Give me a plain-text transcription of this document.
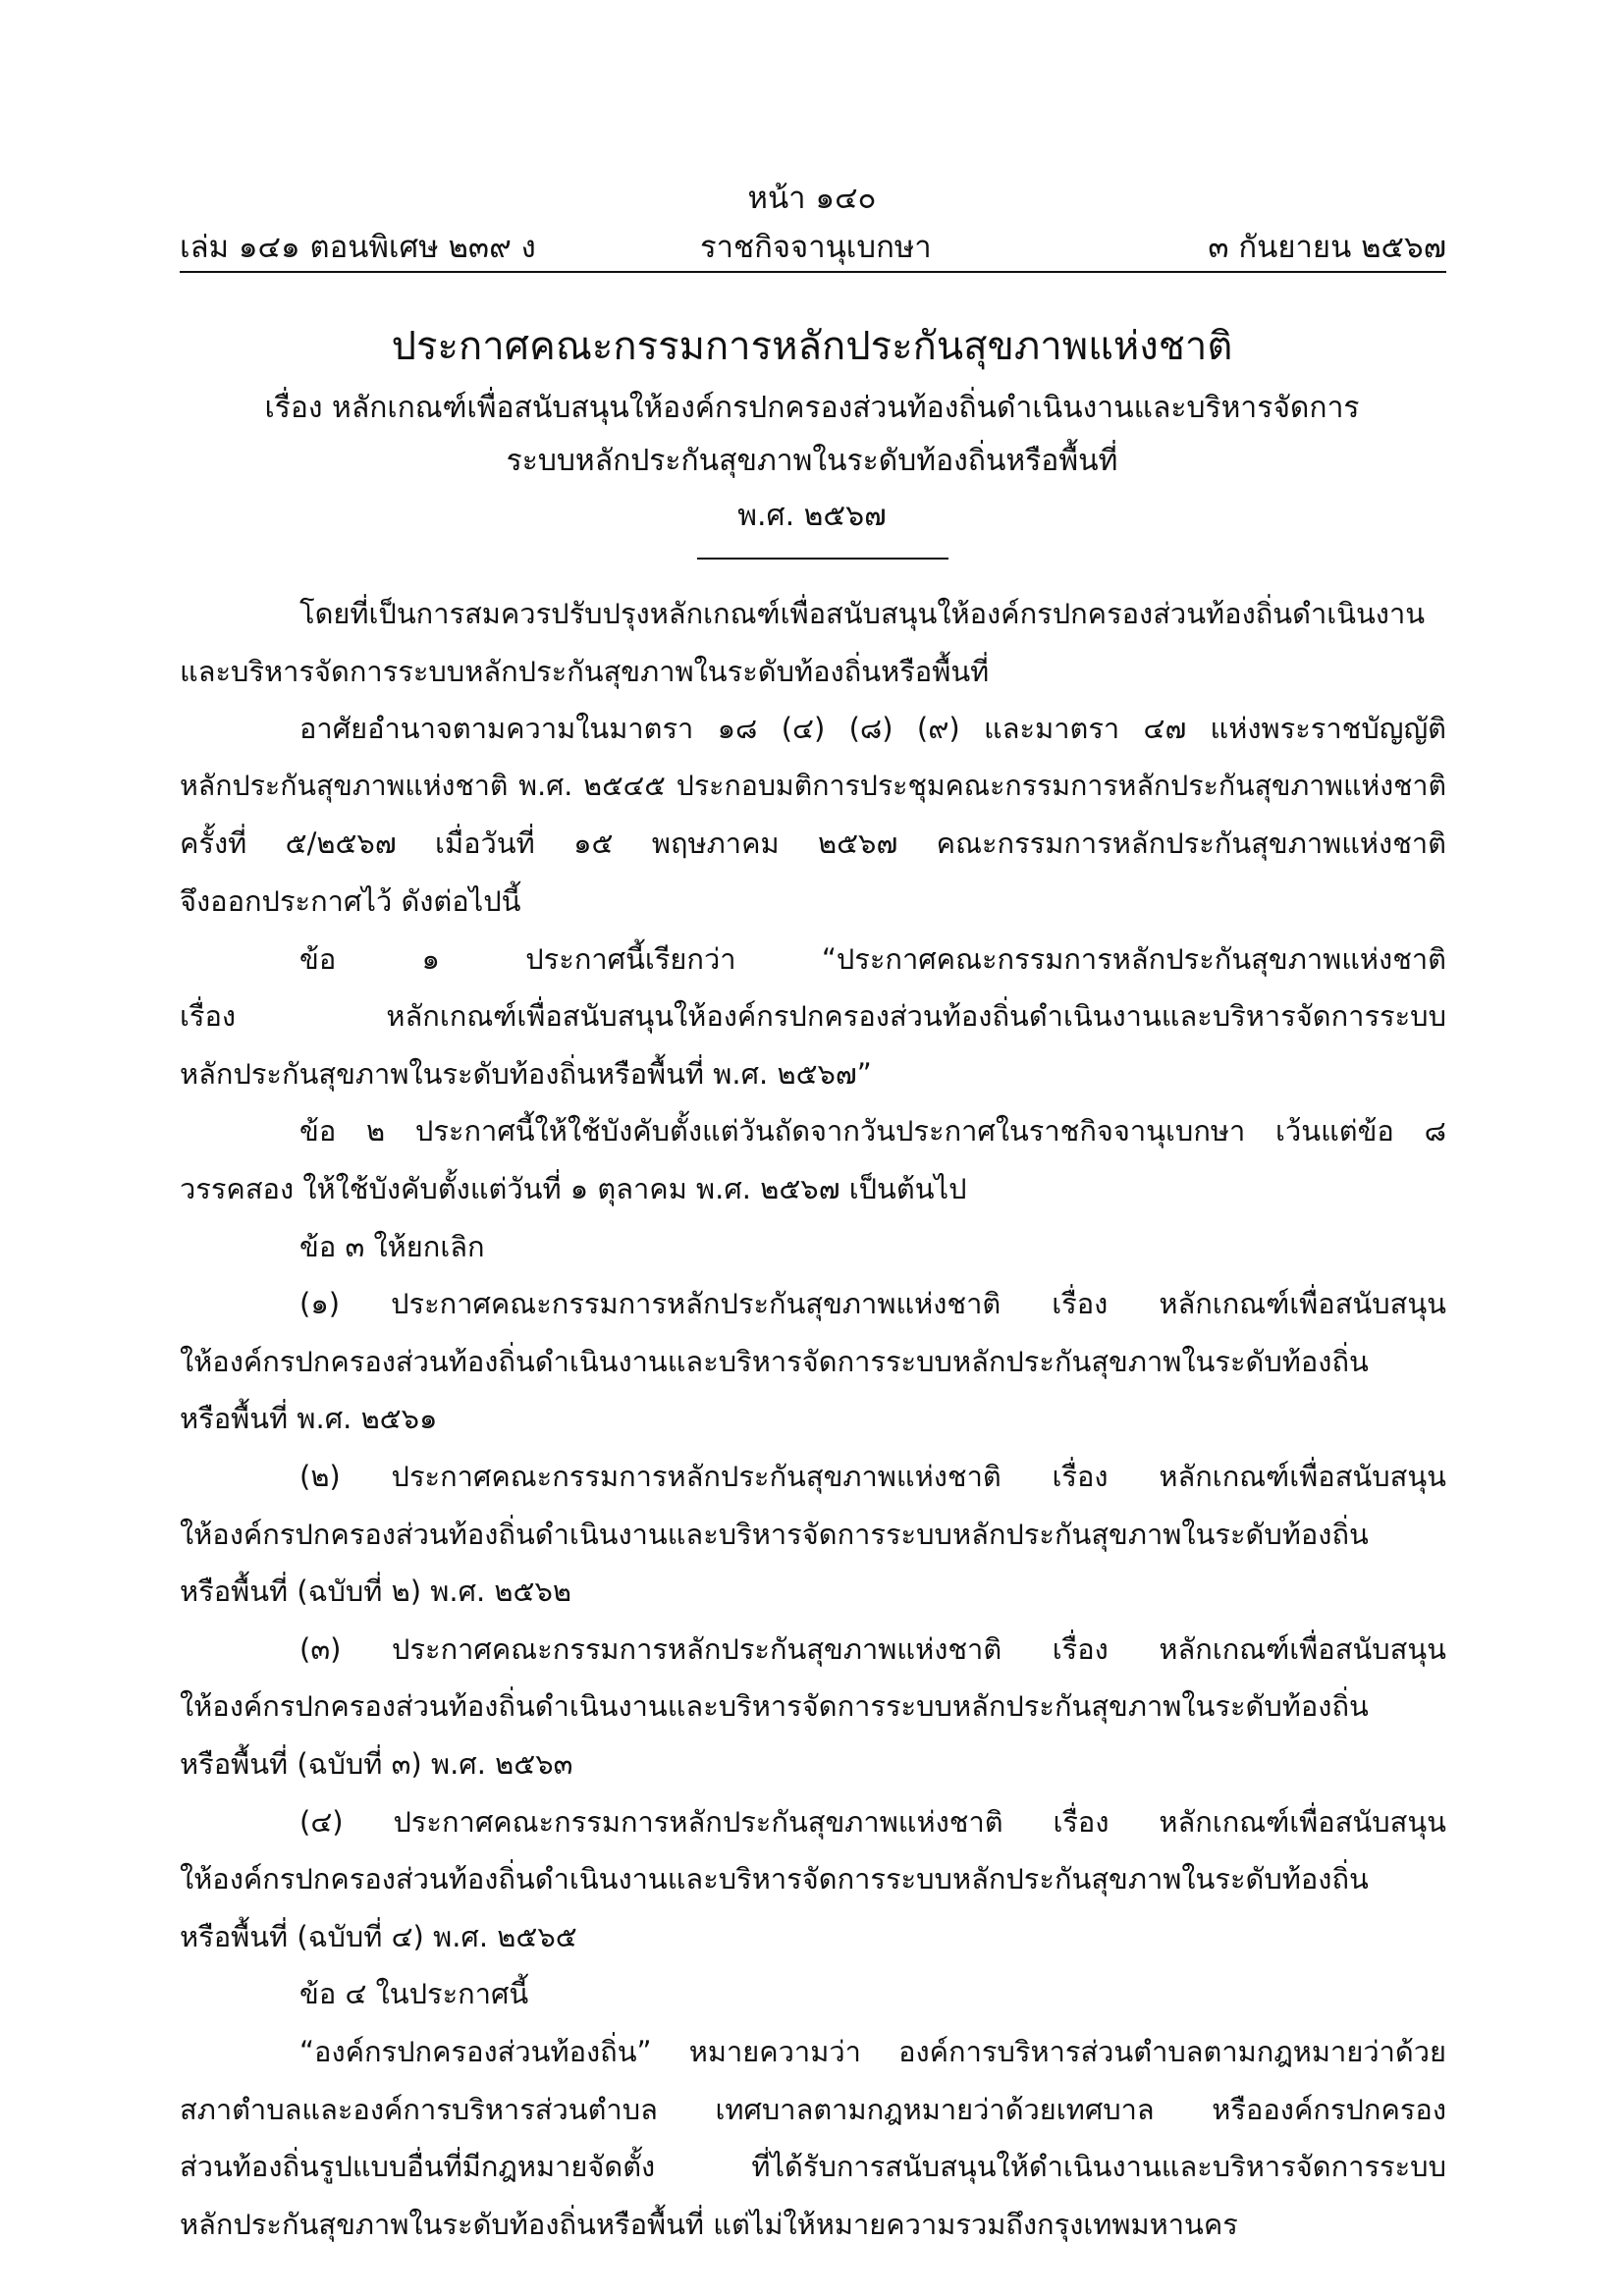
หน้า ๑๔๐
เล่ม ๑๔๑ ตอนพิเศษ ๒๓๙ ง	ราชกิจจานุเบกษา	๓ กันยายน ๒๕๖๗
ประกาศคณะกรรมการหลักประกันสุขภาพแห่งชาติ
เรื่อง หลักเกณฑ์เพื่อสนับสนุนให้องค์กรปกครองส่วนท้องถิ่นดำเนินงานและบริหารจัดการ
ระบบหลักประกันสุขภาพในระดับท้องถิ่นหรือพื้นที่
พ.ศ. ๒๕๖๗
โดยที่เป็นการสมควรปรับปรุงหลักเกณฑ์เพื่อสนับสนุนให้องค์กรปกครองส่วนท้องถิ่นดำเนินงาน
และบริหารจัดการระบบหลักประกันสุขภาพในระดับท้องถิ่นหรือพื้นที่
อาศัยอำนาจตามความในมาตรา ๑๘ (๔) (๘) (๙) และมาตรา ๔๗ แห่งพระราชบัญญัติ
หลักประกันสุขภาพแห่งชาติ พ.ศ. ๒๕๔๕ ประกอบมติการประชุมคณะกรรมการหลักประกันสุขภาพแห่งชาติ
ครั้งที่ ๕/๒๕๖๗ เมื่อวันที่ ๑๕ พฤษภาคม ๒๕๖๗ คณะกรรมการหลักประกันสุขภาพแห่งชาติ
จึงออกประกาศไว้ ดังต่อไปนี้
ข้อ ๑ ประกาศนี้เรียกว่า “ประกาศคณะกรรมการหลักประกันสุขภาพแห่งชาติ
เรื่อง หลักเกณฑ์เพื่อสนับสนุนให้องค์กรปกครองส่วนท้องถิ่นดำเนินงานและบริหารจัดการระบบ
หลักประกันสุขภาพในระดับท้องถิ่นหรือพื้นที่ พ.ศ. ๒๕๖๗”
ข้อ ๒ ประกาศนี้ให้ใช้บังคับตั้งแต่วันถัดจากวันประกาศในราชกิจจานุเบกษา เว้นแต่ข้อ ๘
วรรคสอง ให้ใช้บังคับตั้งแต่วันที่ ๑ ตุลาคม พ.ศ. ๒๕๖๗ เป็นต้นไป
ข้อ ๓ ให้ยกเลิก
(๑) ประกาศคณะกรรมการหลักประกันสุขภาพแห่งชาติ เรื่อง หลักเกณฑ์เพื่อสนับสนุน
ให้องค์กรปกครองส่วนท้องถิ่นดำเนินงานและบริหารจัดการระบบหลักประกันสุขภาพในระดับท้องถิ่น
หรือพื้นที่ พ.ศ. ๒๕๖๑
(๒) ประกาศคณะกรรมการหลักประกันสุขภาพแห่งชาติ เรื่อง หลักเกณฑ์เพื่อสนับสนุน
ให้องค์กรปกครองส่วนท้องถิ่นดำเนินงานและบริหารจัดการระบบหลักประกันสุขภาพในระดับท้องถิ่น
หรือพื้นที่ (ฉบับที่ ๒) พ.ศ. ๒๕๖๒
(๓) ประกาศคณะกรรมการหลักประกันสุขภาพแห่งชาติ เรื่อง หลักเกณฑ์เพื่อสนับสนุน
ให้องค์กรปกครองส่วนท้องถิ่นดำเนินงานและบริหารจัดการระบบหลักประกันสุขภาพในระดับท้องถิ่น
หรือพื้นที่ (ฉบับที่ ๓) พ.ศ. ๒๕๖๓
(๔) ประกาศคณะกรรมการหลักประกันสุขภาพแห่งชาติ เรื่อง หลักเกณฑ์เพื่อสนับสนุน
ให้องค์กรปกครองส่วนท้องถิ่นดำเนินงานและบริหารจัดการระบบหลักประกันสุขภาพในระดับท้องถิ่น
หรือพื้นที่ (ฉบับที่ ๔) พ.ศ. ๒๕๖๕
ข้อ ๔ ในประกาศนี้
“องค์กรปกครองส่วนท้องถิ่น” หมายความว่า องค์การบริหารส่วนตำบลตามกฎหมายว่าด้วย
สภาตำบลและองค์การบริหารส่วนตำบล เทศบาลตามกฎหมายว่าด้วยเทศบาล หรือองค์กรปกครอง
ส่วนท้องถิ่นรูปแบบอื่นที่มีกฎหมายจัดตั้ง ที่ได้รับการสนับสนุนให้ดำเนินงานและบริหารจัดการระบบ
หลักประกันสุขภาพในระดับท้องถิ่นหรือพื้นที่ แต่ไม่ให้หมายความรวมถึงกรุงเทพมหานคร
